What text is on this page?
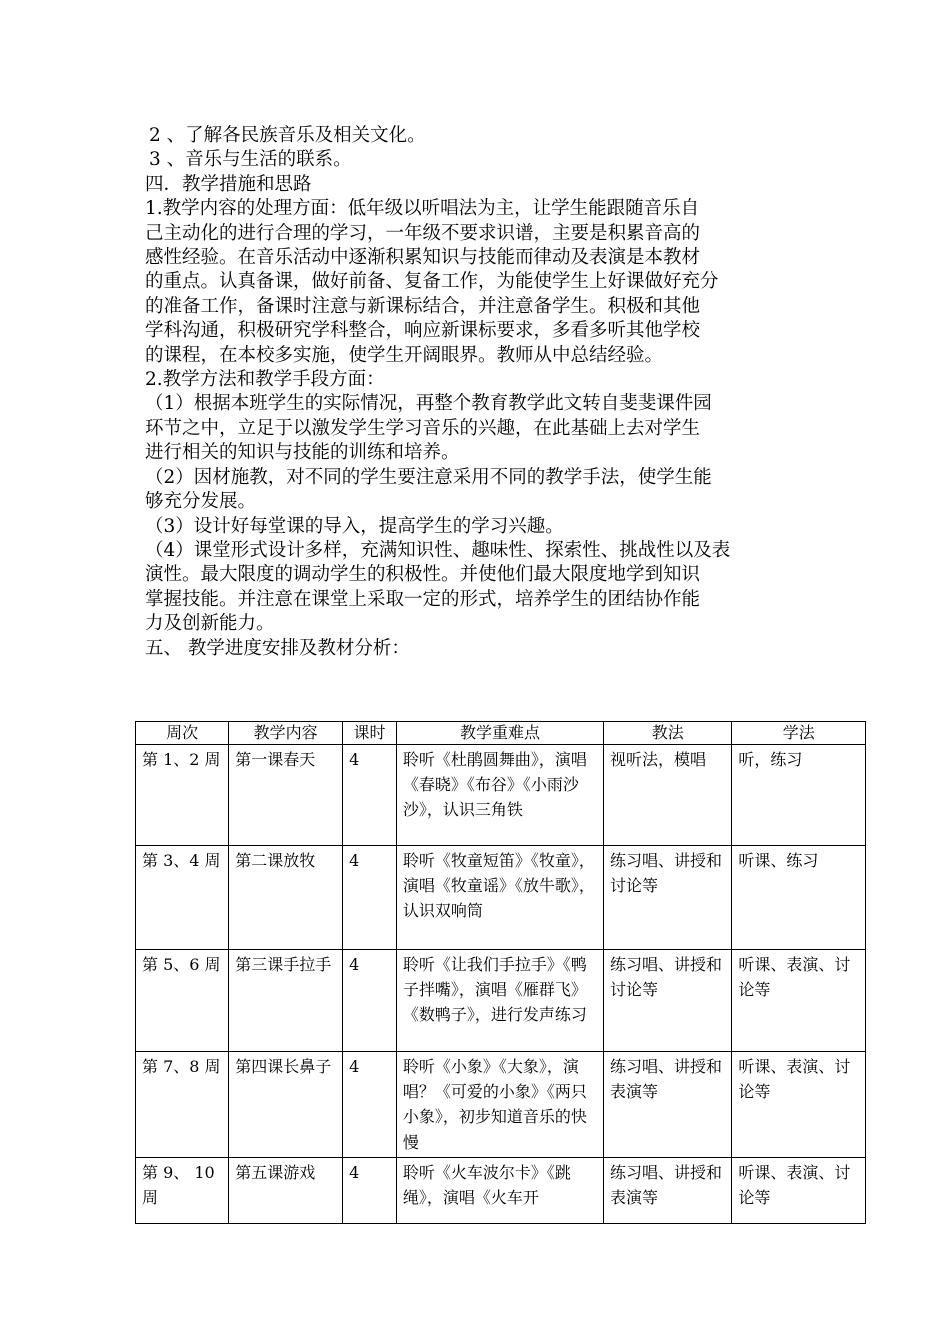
2 、了解各民族音乐及相关文化。

3 、音乐与生活的联系。

四．教学措施和思路

1.教学内容的处理方面：低年级以听唱法为主，让学生能跟随音乐自

己主动化的进行合理的学习，一年级不要求识谱，主要是积累音高的

感性经验。在音乐活动中逐渐积累知识与技能而律动及表演是本教材

的重点。认真备课，做好前备、复备工作，为能使学生上好课做好充分

的准备工作，备课时注意与新课标结合，并注意备学生。积极和其他

学科沟通，积极研究学科整合，响应新课标要求，多看多听其他学校

的课程，在本校多实施，使学生开阔眼界。教师从中总结经验。

2.教学方法和教学手段方面：

（1）根据本班学生的实际情况，再整个教育教学此文转自斐斐课件园

环节之中，立足于以激发学生学习音乐的兴趣，在此基础上去对学生

进行相关的知识与技能的训练和培养。

（2）因材施教，对不同的学生要注意采用不同的教学手法，使学生能

够充分发展。

（3）设计好每堂课的导入，提高学生的学习兴趣。

（4）课堂形式设计多样，充满知识性、趣味性、探索性、挑战性以及表

演性。最大限度的调动学生的积极性。并使他们最大限度地学到知识

掌握技能。并注意在课堂上采取一定的形式，培养学生的团结协作能

力及创新能力。

五、 教学进度安排及教材分析：

周次	教学内容	课时	教学重难点	教法	学法
第 1、2 周	第一课春天	4	聆听《杜鹃圆舞曲》，演唱《春晓》《布谷》《小雨沙沙》，认识三角铁	视听法，模唱	听，练习
第 3、4 周	第二课放牧	4	聆听《牧童短笛》《牧童》，演唱《牧童谣》《放牛歌》，认识双响筒	练习唱、讲授和讨论等	听课、练习
第 5、6 周	第三课手拉手	4	聆听《让我们手拉手》《鸭子拌嘴》，演唱《雁群飞》《数鸭子》，进行发声练习	练习唱、讲授和讨论等	听课、表演、讨论等
第 7、8 周	第四课长鼻子	4	聆听《小象》《大象》，演唱？《可爱的小象》《两只小象》，初步知道音乐的快慢	练习唱、讲授和表演等	听课、表演、讨论等
第 9、 10 周	第五课游戏	4	聆听《火车波尔卡》《跳绳》，演唱《火车开	练习唱、讲授和表演等	听课、表演、讨论等
